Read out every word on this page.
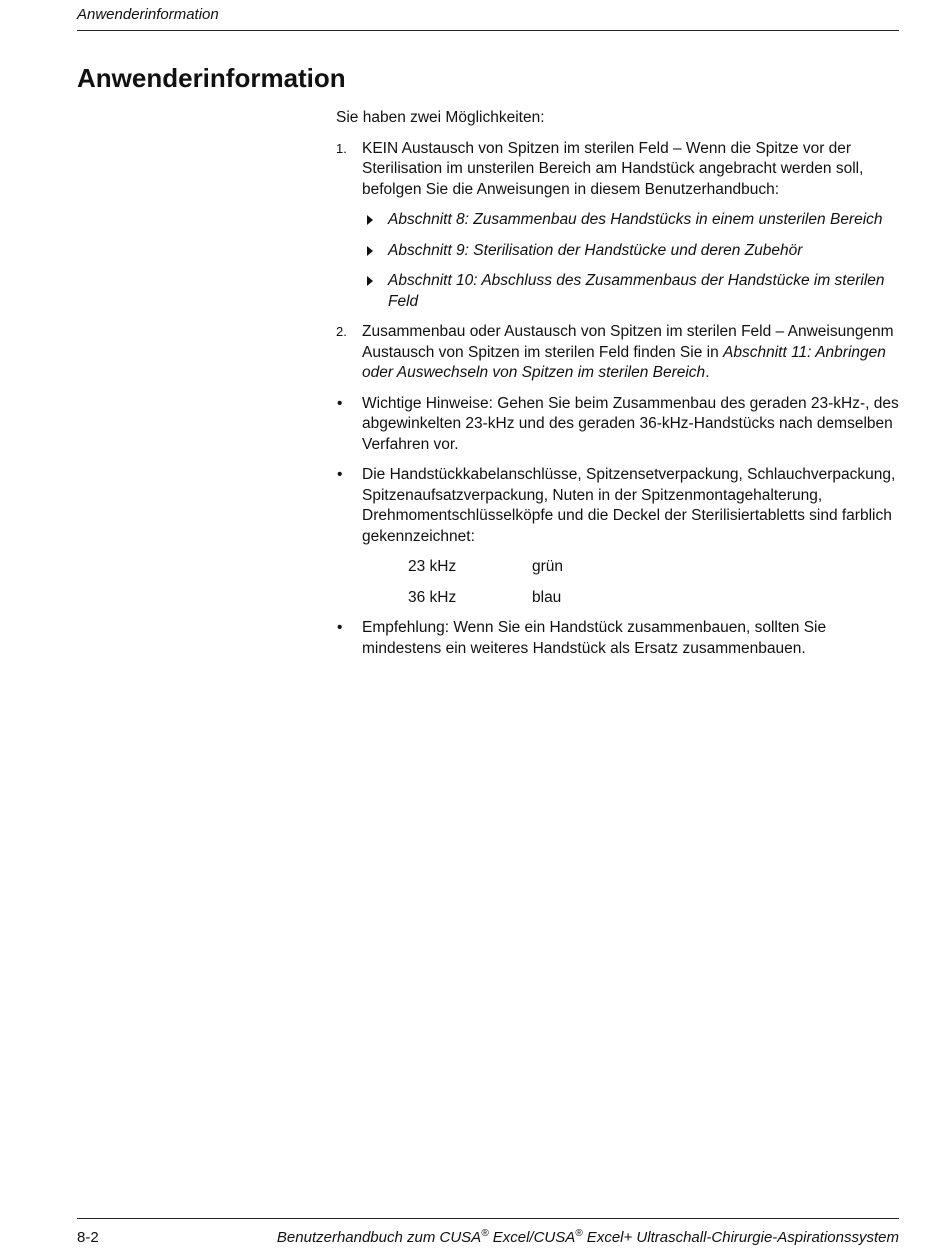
Anwenderinformation
Anwenderinformation

Sie haben zwei Möglichkeiten:

1. KEIN Austausch von Spitzen im sterilen Feld – Wenn die Spitze vor der Sterilisation im unsterilen Bereich am Handstück angebracht werden soll, befolgen Sie die Anweisungen in diesem Benutzerhandbuch:
Abschnitt 8: Zusammenbau des Handstücks in einem unsterilen Bereich
Abschnitt 9: Sterilisation der Handstücke und deren Zubehör
Abschnitt 10: Abschluss des Zusammenbaus der Handstücke im sterilen Feld
2. Zusammenbau oder Austausch von Spitzen im sterilen Feld – Anweisungenm Austausch von Spitzen im sterilen Feld finden Sie in Abschnitt 11: Anbringen oder Auswechseln von Spitzen im sterilen Bereich.
• Wichtige Hinweise: Gehen Sie beim Zusammenbau des geraden 23-kHz-, des abgewinkelten 23-kHz und des geraden 36-kHz-Handstücks nach demselben Verfahren vor.
• Die Handstückkabelanschlüsse, Spitzensetverpackung, Schlauchverpackung, Spitzenaufsatzverpackung, Nuten in der Spitzenmontagehalterung, Drehmomentschlüsselköpfe und die Deckel der Sterilisiertabletts sind farblich gekennzeichnet:
23 kHz	grün
36 kHz	blau
• Empfehlung: Wenn Sie ein Handstück zusammenbauen, sollten Sie mindestens ein weiteres Handstück als Ersatz zusammenbauen.
8-2	Benutzerhandbuch zum CUSA® Excel/CUSA® Excel+ Ultraschall-Chirurgie-Aspirationssystem
